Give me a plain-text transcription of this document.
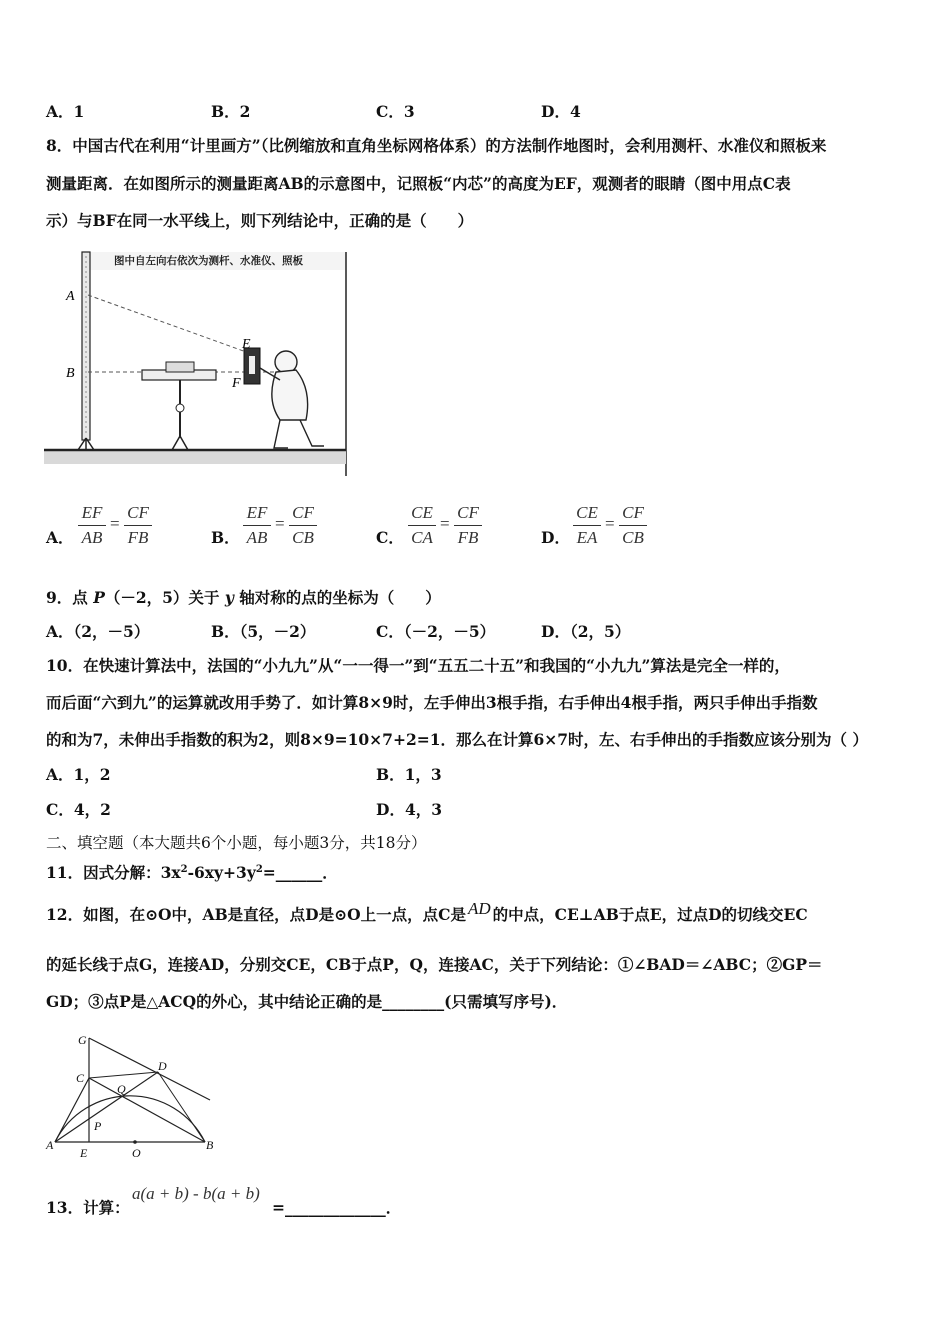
A．1	B．2	C．3	D．4
8．中国古代在利用“计里画方”（比例缩放和直角坐标网格体系）的方法制作地图时，会利用测杆、水准仪和照板来
测量距离．在如图所示的测量距离AB的示意图中，记照板“内芯”的高度为EF，观测者的眼睛（图中用点C表
示）与BF在同一水平线上，则下列结论中，正确的是（　　）
图中自左向右依次为测杆、水准仪、照板
A
B
E
F
A．
EF
AB
=
CF
FB	B．
EF
AB
=
CF
CB	C．
CE
CA
=
CF
FB	D．
CE
EA
=
CF
CB
9．点 P（－2，5）关于 y 轴对称的点的坐标为（　　）
A．（2，－5）	B．（5，－2）	C．（－2，－5）	D．（2，5）
10．在快速计算法中，法国的“小九九”从“一一得一”到“五五二十五”和我国的“小九九”算法是完全一样的，
而后面“六到九”的运算就改用手势了．如计算8×9时，左手伸出3根手指，右手伸出4根手指，两只手伸出手指数
的和为7，未伸出手指数的积为2，则8×9=10×7+2=1．那么在计算6×7时，左、右手伸出的手指数应该分别为（ ）
A．1，2	B．1，3
C．4，2	D．4，3
二、填空题（本大题共6个小题，每小题3分，共18分）
11．因式分解：$3x^2-6xy+3y^2=\_\_\_\_\_\_$．
12．如图，在⊙O中，AB是直径，点D是⊙O上一点，点C是 AD 的中点，CE⊥AB于点E，过点D的切线交EC
的延长线于点G，连接AD，分别交CE，CB于点P，Q，连接AC，关于下列结论：①∠BAD＝∠ABC；②GP＝
GD；③点P是△ACQ的外心，其中结论正确的是________(只需填写序号)．
G
C
D
Q
P
A
E	O
B
13．计算：
a(a + b) - b(a + b)
=_____________．
